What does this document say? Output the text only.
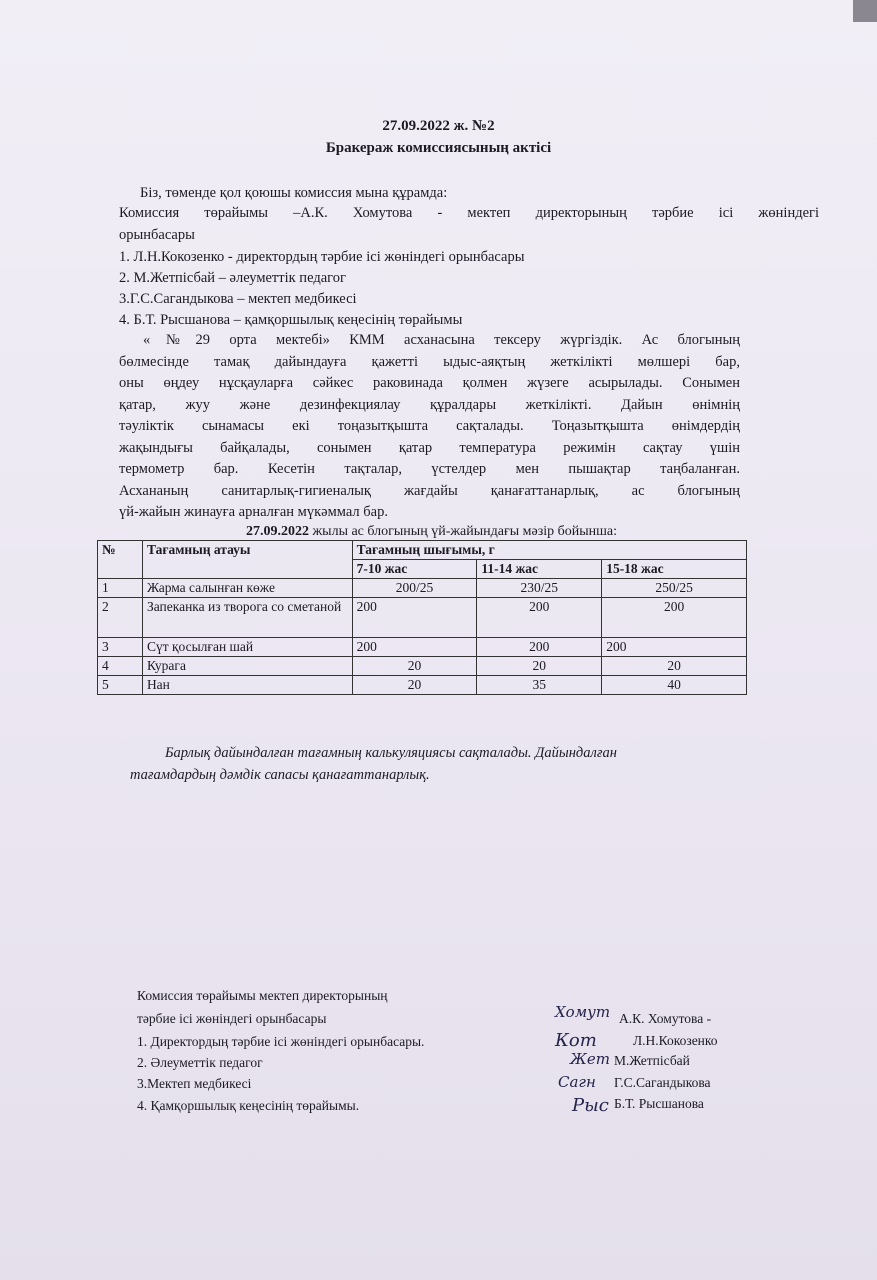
27.09.2022 ж. №2
Бракераж комиссиясының актісі
Біз, төменде қол қоюшы комиссия мына құрамда:
Комиссия төрайымы –А.К. Хомутова - мектеп директорының тәрбие ісі жөніндегі
орынбасары
1. Л.Н.Кокозенко - директордың тәрбие ісі жөніндегі орынбасары
2. М.Жетпісбай – әлеуметтік педагог
3.Г.С.Сагандыкова – мектеп медбикесі
4. Б.Т. Рысшанова – қамқоршылық кеңесінің төрайымы
«№29 орта мектебі» КММ асханасына тексеру жүргіздік. Ас блогының
бөлмесінде тамақ дайындауға қажетті ыдыс-аяқтың жеткілікті мөлшері бар,
оны өңдеу нұсқауларға сәйкес раковинада қолмен жүзеге асырылады. Сонымен
қатар, жуу және дезинфекциялау құралдары жеткілікті. Дайын өнімнің
тәуліктік сынамасы екі тоңазытқышта сақталады. Тоңазытқышта өнімдердің
жақындығы байқалады, сонымен қатар температура режимін сақтау үшін
термометр бар. Кесетін тақталар, үстелдер мен пышақтар таңбаланған.
Асхананың санитарлық-гигиеналық жағдайы қанағаттанарлық, ас блогының
үй-жайын жинауға арналған мүкәммал бар.
27.09.2022 жылы ас блогының үй-жайындағы мәзір бойынша:
№	Тағамның атауы	Тағамның шығымы, г		
		7-10 жас	11-14 жас	15-18 жас
1	Жарма салынған көже	200/25	230/25	250/25
2	Запеканка из творога со сметаной	200	200	200
3	Сүт қосылған шай	200	200	200
4	Курага	20	20	20
5	Нан	20	35	40
Барлық дайындалған тағамның калькуляциясы сақталады. Дайындалған
тағамдардың дәмдік сапасы қанағаттанарлық.
Комиссия төрайымы мектеп директорының
тәрбие ісі жөніндегі орынбасары
1. Директордың тәрбие ісі жөніндегі орынбасары.
2. Әлеуметтік педагог
3.Мектеп медбикесі
4. Қамқоршылық кеңесінің төрайымы.
Хомут
Кот
Жет
Сагн
Рыс
А.К. Хомутова -
Л.Н.Кокозенко
М.Жетпісбай
Г.С.Сагандыкова
Б.Т. Рысшанова
